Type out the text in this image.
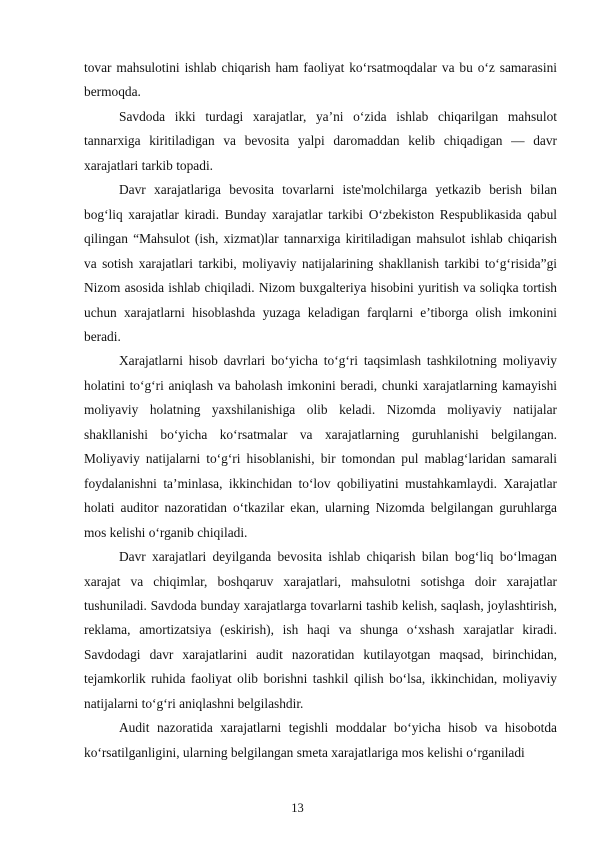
tovar mahsulotini ishlab chiqarish ham faoliyat ko‘rsatmoqdalar va bu o‘z samarasini bermoqda.

Savdoda ikki turdagi xarajatlar, ya’ni o‘zida ishlab chiqarilgan mahsulot tannarxiga kiritiladigan va bevosita yalpi daromaddan kelib chiqadigan — davr xarajatlari tarkib topadi.

Davr xarajatlariga bevosita tovarlarni iste'molchilarga yetkazib berish bilan bog‘liq xarajatlar kiradi. Bunday xarajatlar tarkibi O‘zbekiston Respublikasida qabul qilingan “Mahsulot (ish, xizmat)lar tannarxiga kiritiladigan mahsulot ishlab chiqarish va sotish xarajatlari tarkibi, moliyaviy natijalarining shakllanish tarkibi to‘g‘risida”gi Nizom asosida ishlab chiqiladi. Nizom buxgalteriya hisobini yuritish va soliqka tortish uchun xarajatlarni hisoblashda yuzaga keladigan farqlarni e’tiborga olish imkonini beradi.

Xarajatlarni hisob davrlari bo‘yicha to‘g‘ri taqsimlash tashkilotning moliyaviy holatini to‘g‘ri aniqlash va baholash imkonini beradi, chunki xarajatlarning kamayishi moliyaviy holatning yaxshilanishiga olib keladi. Nizomda moliyaviy natijalar shakllanishi bo‘yicha ko‘rsatmalar va xarajatlarning guruhlanishi belgilangan. Moliyaviy natijalarni to‘g‘ri hisoblanishi, bir tomondan pul mablag‘laridan samarali foydalanishni ta’minlasa, ikkinchidan to‘lov qobiliyatini mustahkamlaydi. Xarajatlar holati auditor nazoratidan o‘tkazilar ekan, ularning Nizomda belgilangan guruhlarga mos kelishi o‘rganib chiqiladi.

Davr xarajatlari deyilganda bevosita ishlab chiqarish bilan bog‘liq bo‘lmagan xarajat va chiqimlar, boshqaruv xarajatlari, mahsulotni sotishga doir xarajatlar tushuniladi. Savdoda bunday xarajatlarga tovarlarni tashib kelish, saqlash, joylashtirish, reklama, amortizatsiya (eskirish), ish haqi va shunga o‘xshash xarajatlar kiradi. Savdodagi davr xarajatlarini audit nazoratidan kutilayotgan maqsad, birinchidan, tejamkorlik ruhida faoliyat olib borishni tashkil qilish bo‘lsa, ikkinchidan, moliyaviy natijalarni to‘g‘ri aniqlashni belgilashdir.

Audit nazoratida xarajatlarni tegishli moddalar bo‘yicha hisob va hisobotda ko‘rsatilganligini, ularning belgilangan smeta xarajatlariga mos kelishi o‘rganiladi

13
